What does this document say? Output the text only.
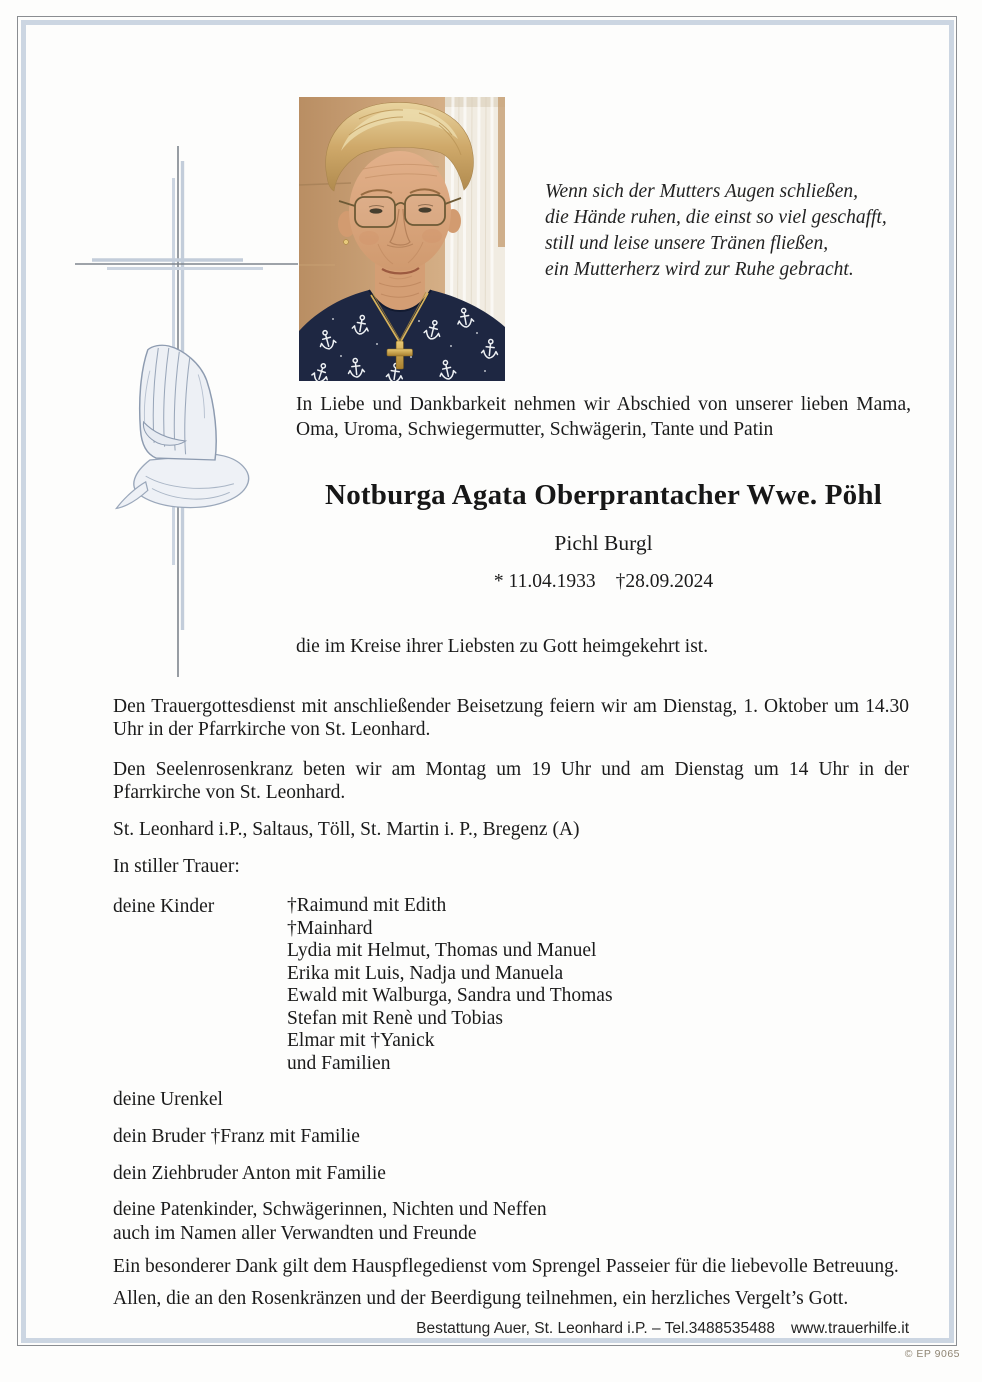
Wenn sich der Mutters Augen schließen,
die Hände ruhen, die einst so viel geschafft,
still und leise unsere Tränen fließen,
ein Mutterherz wird zur Ruhe gebracht.
In Liebe und Dankbarkeit nehmen wir Abschied von unserer lieben Mama, Oma, Uroma, Schwiegermutter, Schwägerin, Tante und Patin
Notburga Agata Oberprantacher Wwe. Pöhl
Pichl Burgl
* 11.04.1933 †28.09.2024
die im Kreise ihrer Liebsten zu Gott heimgekehrt ist.
Den Trauergottesdienst mit anschließender Beisetzung feiern wir am Dienstag, 1. Oktober um 14.30 Uhr in der Pfarrkirche von St. Leonhard.
Den Seelenrosenkranz beten wir am Montag um 19 Uhr und am Dienstag um 14 Uhr in der Pfarrkirche von St. Leonhard.
St. Leonhard i.P., Saltaus, Töll, St. Martin i. P., Bregenz (A)
In stiller Trauer:
deine Kinder	†Raimund mit Edith
†Mainhard
Lydia mit Helmut, Thomas und Manuel
Erika mit Luis, Nadja und Manuela
Ewald mit Walburga, Sandra und Thomas
Stefan mit Renè und Tobias
Elmar mit †Yanick
und Familien
deine Urenkel
dein Bruder †Franz mit Familie
dein Ziehbruder Anton mit Familie
deine Patenkinder, Schwägerinnen, Nichten und Neffen
auch im Namen aller Verwandten und Freunde
Ein besonderer Dank gilt dem Hauspflegedienst vom Sprengel Passeier für die liebevolle Betreuung.
Allen, die an den Rosenkränzen und der Beerdigung teilnehmen, ein herzliches Vergelt’s Gott.
Bestattung Auer, St. Leonhard i.P. – Tel.3488535488 www.trauerhilfe.it
© EP 9065
